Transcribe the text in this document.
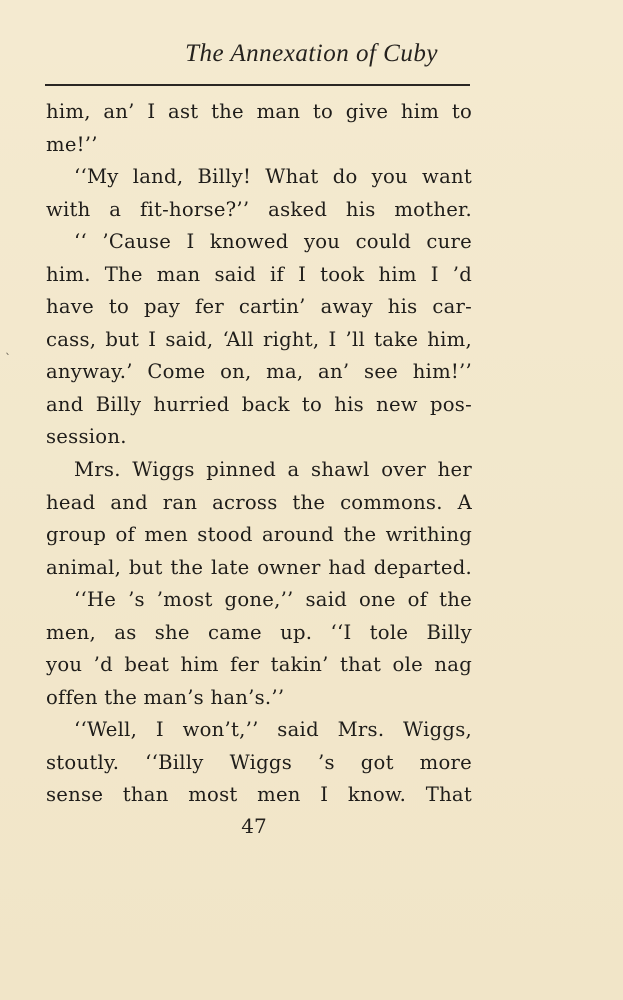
The Annexation of Cuby
ˎ
him, an’ I ast the man to give him to
me!’’
‘‘My land, Billy! What do you want
with a fit-horse?’’ asked his mother.
‘‘ ’Cause I knowed you could cure
him. The man said if I took him I ’d
have to pay fer cartin’ away his car-
cass, but I said, ‘All right, I ’ll take him,
anyway.’ Come on, ma, an’ see him!’’
and Billy hurried back to his new pos-
session.
Mrs. Wiggs pinned a shawl over her
head and ran across the commons. A
group of men stood around the writhing
animal, but the late owner had departed.
‘‘He ’s ’most gone,’’ said one of the
men, as she came up. ‘‘I tole Billy
you ’d beat him fer takin’ that ole nag
offen the man’s han’s.’’
‘‘Well, I won’t,’’ said Mrs. Wiggs,
stoutly. ‘‘Billy Wiggs ’s got more
sense than most men I know. That
47
